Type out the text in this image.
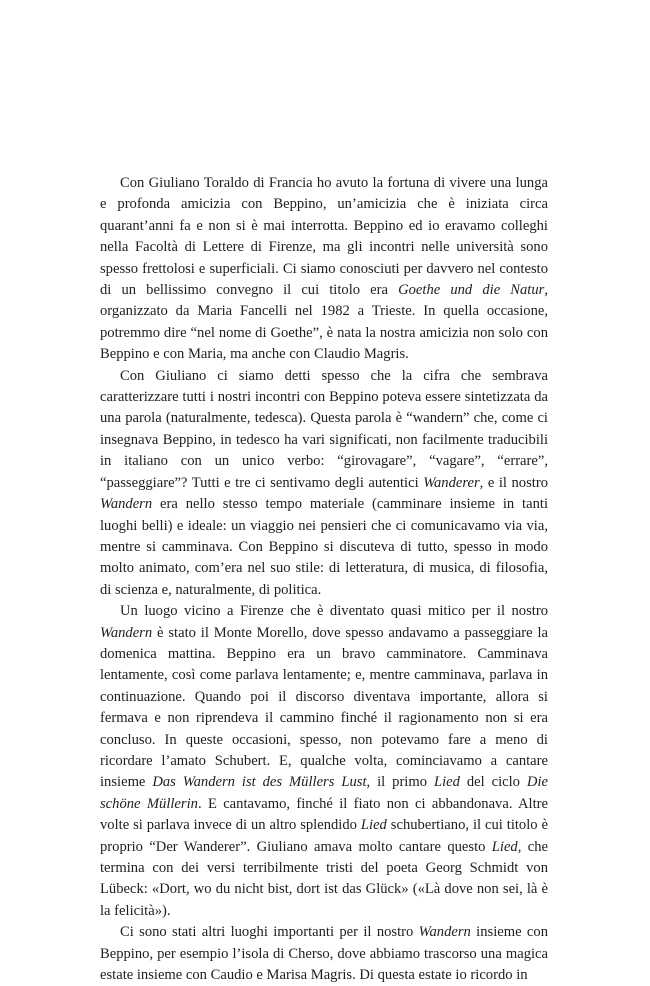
Con Giuliano Toraldo di Francia ho avuto la fortuna di vivere una lunga e profonda amicizia con Beppino, un’amicizia che è iniziata circa quarant’anni fa e non si è mai interrotta. Beppino ed io eravamo colleghi nella Facoltà di Lettere di Firenze, ma gli incontri nelle università sono spesso frettolosi e superficiali. Ci siamo conosciuti per davvero nel contesto di un bellissimo convegno il cui titolo era Goethe und die Natur, organizzato da Maria Fancelli nel 1982 a Trieste. In quella occasione, potremmo dire “nel nome di Goethe”, è nata la nostra amicizia non solo con Beppino e con Maria, ma anche con Claudio Magris.

Con Giuliano ci siamo detti spesso che la cifra che sembrava caratterizzare tutti i nostri incontri con Beppino poteva essere sintetizzata da una parola (naturalmente, tedesca). Questa parola è “wandern” che, come ci insegnava Beppino, in tedesco ha vari significati, non facilmente traducibili in italiano con un unico verbo: “girovagare”, “vagare”, “errare”, “passeggiare”? Tutti e tre ci sentivamo degli autentici Wanderer, e il nostro Wandern era nello stesso tempo materiale (camminare insieme in tanti luoghi belli) e ideale: un viaggio nei pensieri che ci comunicavamo via via, mentre si camminava. Con Beppino si discuteva di tutto, spesso in modo molto animato, com’era nel suo stile: di letteratura, di musica, di filosofia, di scienza e, naturalmente, di politica.

Un luogo vicino a Firenze che è diventato quasi mitico per il nostro Wandern è stato il Monte Morello, dove spesso andavamo a passeggiare la domenica mattina. Beppino era un bravo camminatore. Camminava lentamente, così come parlava lentamente; e, mentre camminava, parlava in continuazione. Quando poi il discorso diventava importante, allora si fermava e non riprendeva il cammino finché il ragionamento non si era concluso. In queste occasioni, spesso, non potevamo fare a meno di ricordare l’amato Schubert. E, qualche volta, cominciavamo a cantare insieme Das Wandern ist des Müllers Lust, il primo Lied del ciclo Die schöne Müllerin. E cantavamo, finché il fiato non ci abbandonava. Altre volte si parlava invece di un altro splendido Lied schubertiano, il cui titolo è proprio “Der Wanderer”. Giuliano amava molto cantare questo Lied, che termina con dei versi terribilmente tristi del poeta Georg Schmidt von Lübeck: «Dort, wo du nicht bist, dort ist das Glück» («Là dove non sei, là è la felicità»).

Ci sono stati altri luoghi importanti per il nostro Wandern insieme con Beppino, per esempio l’isola di Cherso, dove abbiamo trascorso una magica estate insieme con Caudio e Marisa Magris. Di questa estate io ricordo in
